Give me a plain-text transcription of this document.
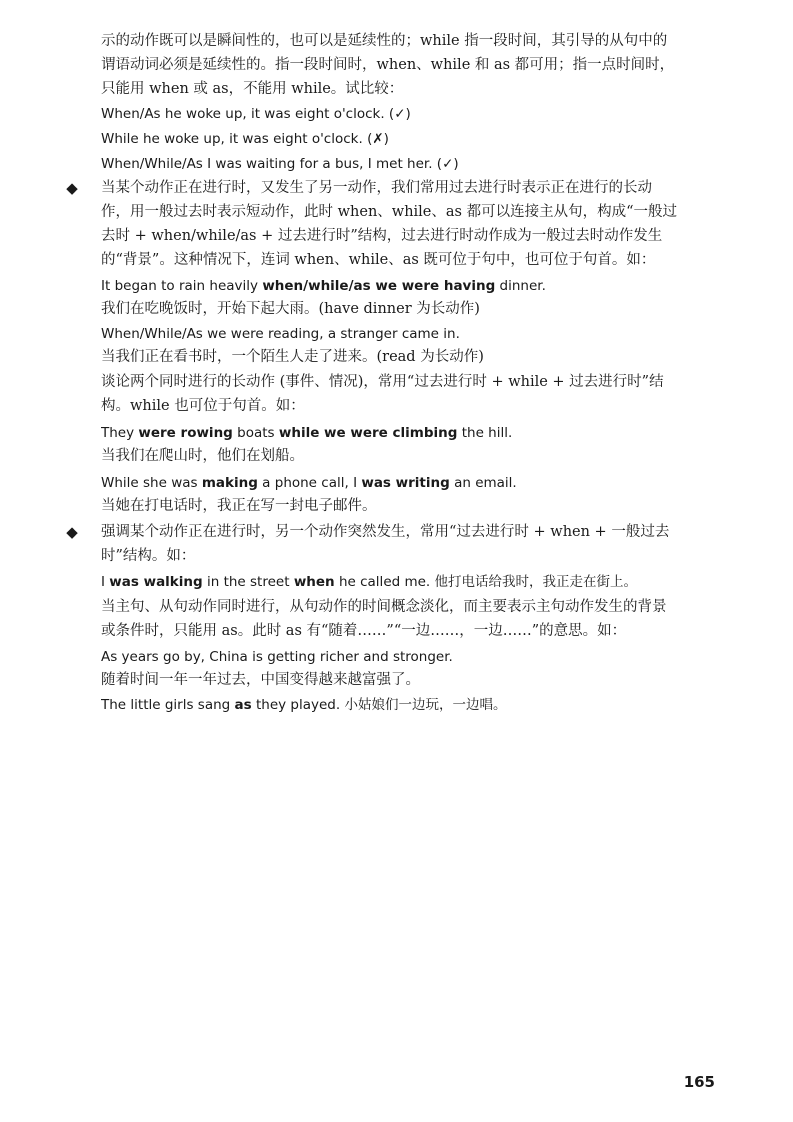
示的动作既可以是瞬间性的，也可以是延续性的；while 指一段时间，其引导的从句中的
谓语动词必须是延续性的。指一段时间时，when、while 和 as 都可用；指一点时间时，
只能用 when 或 as，不能用 while。试比较：
When/As he woke up, it was eight o'clock. (✓)
While he woke up, it was eight o'clock. (✗)
When/While/As I was waiting for a bus, I met her. (✓)
◆ 当某个动作正在进行时，又发生了另一动作，我们常用过去进行时表示正在进行的长动
作，用一般过去时表示短动作，此时 when、while、as 都可以连接主从句，构成“一般过
去时 + when/while/as + 过去进行时”结构，过去进行时动作成为一般过去时动作发生
的“背景”。这种情况下，连词 when、while、as 既可位于句中，也可位于句首。如：
It began to rain heavily when/while/as we were having dinner.
我们在吃晚饭时，开始下起大雨。(have dinner 为长动作)
When/While/As we were reading, a stranger came in.
当我们正在看书时，一个陌生人走了进来。(read 为长动作)
谈论两个同时进行的长动作 (事件、情况)，常用“过去进行时 + while + 过去进行时”结
构。while 也可位于句首。如：
They were rowing boats while we were climbing the hill.
当我们在爬山时，他们在划船。
While she was making a phone call, I was writing an email.
当她在打电话时，我正在写一封电子邮件。
◆ 强调某个动作正在进行时，另一个动作突然发生，常用“过去进行时 + when + 一般过去
时”结构。如：
I was walking in the street when he called me. 他打电话给我时，我正走在街上。
当主句、从句动作同时进行，从句动作的时间概念淡化，而主要表示主句动作发生的背景
或条件时，只能用 as。此时 as 有“随着……”“一边……，一边……”的意思。如：
As years go by, China is getting richer and stronger.
随着时间一年一年过去，中国变得越来越富强了。
The little girls sang as they played. 小姑娘们一边玩，一边唱。
165
